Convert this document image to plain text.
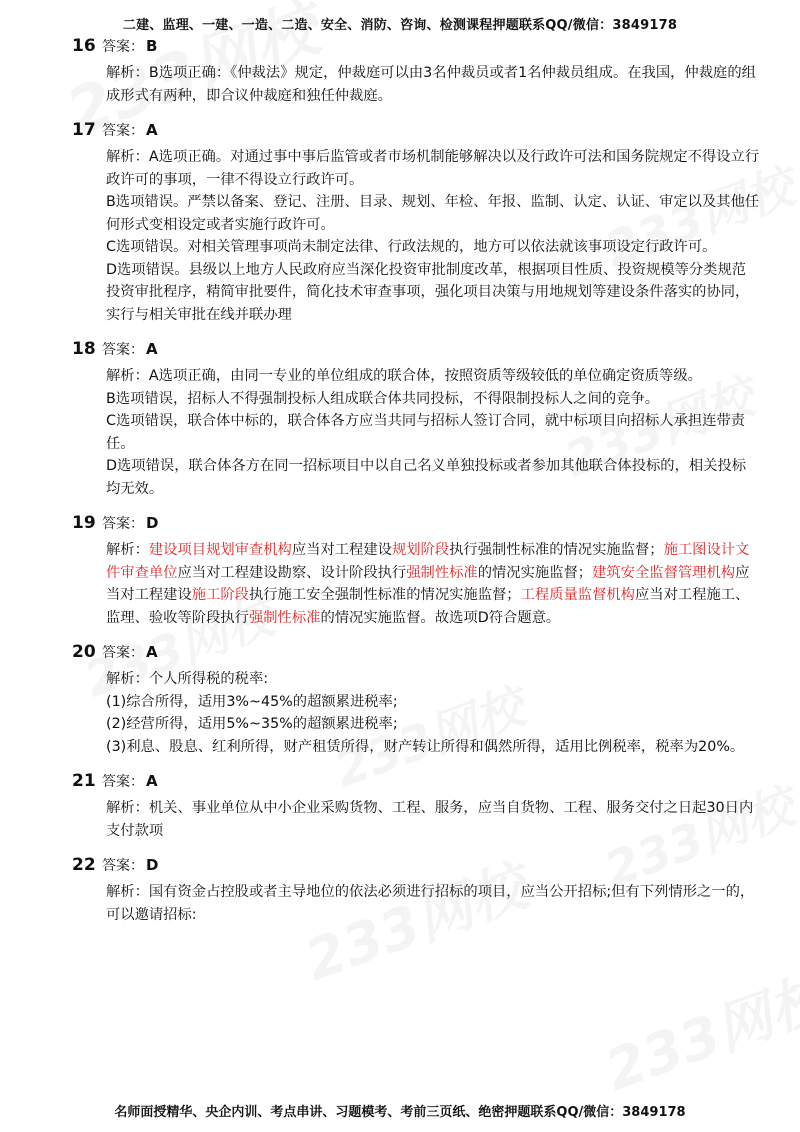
二建、监理、一建、一造、二造、安全、消防、咨询、检测课程押题联系QQ/微信：3849178
16 答案： B

解析：B选项正确：《仲裁法》规定，仲裁庭可以由3名仲裁员或者1名仲裁员组成。在我国，仲裁庭的组成形式有两种，即合议仲裁庭和独任仲裁庭。

17 答案： A

解析：A选项正确。对通过事中事后监管或者市场机制能够解决以及行政许可法和国务院规定不得设立行政许可的事项，一律不得设立行政许可。

B选项错误。严禁以备案、登记、注册、目录、规划、年检、年报、监制、认定、认证、审定以及其他任何形式变相设定或者实施行政许可。

C选项错误。对相关管理事项尚未制定法律、行政法规的，地方可以依法就该事项设定行政许可。

D选项错误。县级以上地方人民政府应当深化投资审批制度改革，根据项目性质、投资规模等分类规范投资审批程序，精简审批要件，简化技术审查事项，强化项目决策与用地规划等建设条件落实的协同，实行与相关审批在线并联办理

18 答案： A

解析：A选项正确，由同一专业的单位组成的联合体，按照资质等级较低的单位确定资质等级。

B选项错误，招标人不得强制投标人组成联合体共同投标，不得限制投标人之间的竞争。

C选项错误，联合体中标的，联合体各方应当共同与招标人签订合同，就中标项目向招标人承担连带责任。

D选项错误，联合体各方在同一招标项目中以自己名义单独投标或者参加其他联合体投标的，相关投标均无效。

19 答案： D

解析：建设项目规划审查机构应当对工程建设规划阶段执行强制性标准的情况实施监督；施工图设计文件审查单位应当对工程建设勘察、设计阶段执行强制性标准的情况实施监督；建筑安全监督管理机构应当对工程建设施工阶段执行施工安全强制性标准的情况实施监督；工程质量监督机构应当对工程施工、监理、验收等阶段执行强制性标准的情况实施监督。故选项D符合题意。

20 答案： A

解析：个人所得税的税率:

(1)综合所得，适用3%~45%的超额累进税率;

(2)经营所得，适用5%~35%的超额累进税率;

(3)利息、股息、红利所得，财产租赁所得，财产转让所得和偶然所得，适用比例税率，税率为20%。

21 答案： A

解析：机关、事业单位从中小企业采购货物、工程、服务，应当自货物、工程、服务交付之日起30日内支付款项

22 答案： D

解析：国有资金占控股或者主导地位的依法必须进行招标的项目，应当公开招标;但有下列情形之一的，可以邀请招标:

名师面授精华、央企内训、考点串讲、习题模考、考前三页纸、绝密押题联系QQ/微信：3849178
